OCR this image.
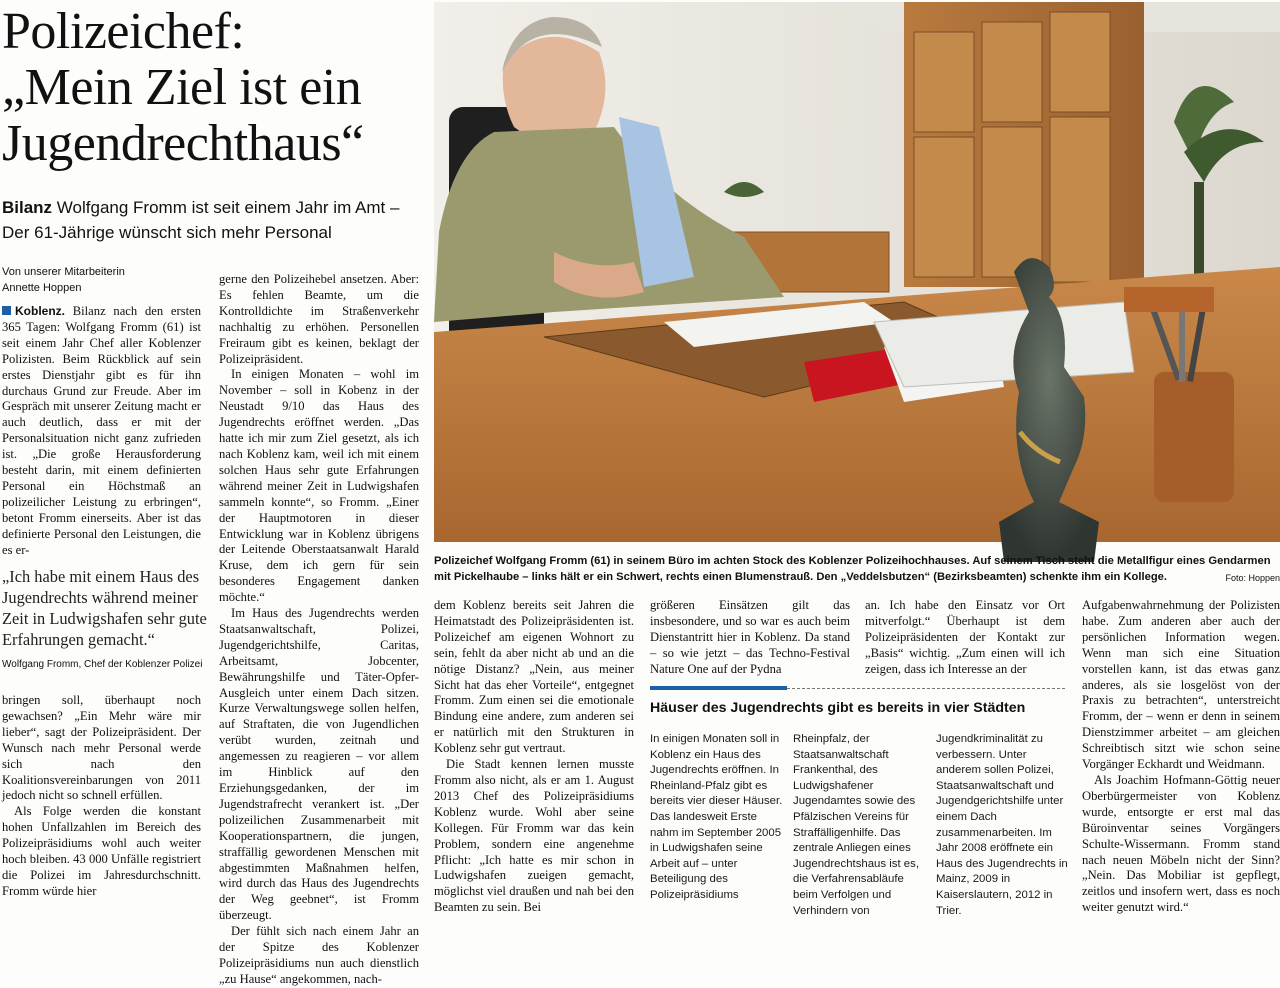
Polizeichef:
„Mein Ziel ist ein
Jugendrechthaus“
Bilanz Wolfgang Fromm ist seit einem Jahr im Amt – Der 61-Jährige wünscht sich mehr Personal
Von unserer Mitarbeiterin
Annette Hoppen

Koblenz. Bilanz nach den ersten 365 Tagen: Wolfgang Fromm (61) ist seit einem Jahr Chef aller Koblenzer Polizisten. Beim Rückblick auf sein erstes Dienstjahr gibt es für ihn durchaus Grund zur Freude. Aber im Gespräch mit unserer Zeitung macht er auch deutlich, dass er mit der Personalsituation nicht ganz zufrieden ist. „Die große Herausforderung besteht darin, mit einem definierten Personal ein Höchstmaß an polizeilicher Leistung zu erbringen“, betont Fromm einerseits. Aber ist das definierte Personal den Leistungen, die es er-

„Ich habe mit einem Haus des Jugendrechts während meiner Zeit in Ludwigshafen sehr gute Erfahrungen gemacht.“
Wolfgang Fromm, Chef der Koblenzer Polizei

bringen soll, überhaupt noch gewachsen? „Ein Mehr wäre mir lieber“, sagt der Polizeipräsident. Der Wunsch nach mehr Personal werde sich nach den Koalitionsvereinbarungen von 2011 jedoch nicht so schnell erfüllen.

Als Folge werden die konstant hohen Unfallzahlen im Bereich des Polizeipräsidiums wohl auch weiter hoch bleiben. 43 000 Unfälle registriert die Polizei im Jahresdurchschnitt. Fromm würde hier

gerne den Polizeihebel ansetzen. Aber: Es fehlen Beamte, um die Kontrolldichte im Straßenverkehr nachhaltig zu erhöhen. Personellen Freiraum gibt es keinen, beklagt der Polizeipräsident.

In einigen Monaten – wohl im November – soll in Kobenz in der Neustadt 9/10 das Haus des Jugendrechts eröffnet werden. „Das hatte ich mir zum Ziel gesetzt, als ich nach Koblenz kam, weil ich mit einem solchen Haus sehr gute Erfahrungen während meiner Zeit in Ludwigshafen sammeln konnte“, so Fromm. „Einer der Hauptmotoren in dieser Entwicklung war in Koblenz übrigens der Leitende Oberstaatsanwalt Harald Kruse, dem ich gern für sein besonderes Engagement danken möchte.“

Im Haus des Jugendrechts werden Staatsanwaltschaft, Polizei, Jugendgerichtshilfe, Caritas, Arbeitsamt, Jobcenter, Bewährungshilfe und Täter-Opfer-Ausgleich unter einem Dach sitzen. Kurze Verwaltungswege sollen helfen, auf Straftaten, die von Jugendlichen verübt wurden, zeitnah und angemessen zu reagieren – vor allem im Hinblick auf den Erziehungsgedanken, der im Jugendstrafrecht verankert ist. „Der polizeilichen Zusammenarbeit mit Kooperationspartnern, die jungen, straffällig gewordenen Menschen mit abgestimmten Maßnahmen helfen, wird durch das Haus des Jugendrechts der Weg geebnet“, ist Fromm überzeugt.

Der fühlt sich nach einem Jahr an der Spitze des Koblenzer Polizeipräsidiums nun auch dienstlich „zu Hause“ angekommen, nach-

Polizeichef Wolfgang Fromm (61) in seinem Büro im achten Stock des Koblenzer Polizeihochhauses. Auf seinem Tisch steht die Metallfigur eines Gendarmen mit Pickelhaube – links hält er ein Schwert, rechts einen Blumenstrauß. Den „Veddelsbutzen“ (Bezirksbeamten) schenkte ihm ein Kollege.	Foto: Hoppen

dem Koblenz bereits seit Jahren die Heimatstadt des Polizeipräsidenten ist. Polizeichef am eigenen Wohnort zu sein, fehlt da aber nicht ab und an die nötige Distanz? „Nein, aus meiner Sicht hat das eher Vorteile“, entgegnet Fromm. Zum einen sei die emotionale Bindung eine andere, zum anderen sei er natürlich mit den Strukturen in Koblenz sehr gut vertraut.

Die Stadt kennen lernen musste Fromm also nicht, als er am 1. August 2013 Chef des Polizeipräsidiums Koblenz wurde. Wohl aber seine Kollegen. Für Fromm war das kein Problem, sondern eine angenehme Pflicht: „Ich hatte es mir schon in Ludwigshafen zueigen gemacht, möglichst viel draußen und nah bei den Beamten zu sein. Bei

größeren Einsätzen gilt das insbesondere, und so war es auch beim Dienstantritt hier in Koblenz. Da stand – so wie jetzt – das Techno-Festival Nature One auf der Pydna

an. Ich habe den Einsatz vor Ort mitverfolgt.“ Überhaupt ist dem Polizeipräsidenten der Kontakt zur „Basis“ wichtig. „Zum einen will ich zeigen, dass ich Interesse an der

Häuser des Jugendrechts gibt es bereits in vier Städten

In einigen Monaten soll in Koblenz ein Haus des Jugendrechts eröffnen. In Rheinland-Pfalz gibt es bereits vier dieser Häuser. Das landesweit Erste nahm im September 2005 in Ludwigshafen seine Arbeit auf – unter Beteiligung des Polizeipräsidiums

Rheinpfalz, der Staatsanwaltschaft Frankenthal, des Ludwigshafener Jugendamtes sowie des Pfälzischen Vereins für Straffälligenhilfe. Das zentrale Anliegen eines Jugendrechtshaus ist es, die Verfahrensabläufe beim Verfolgen und Verhindern von

Jugendkriminalität zu verbessern. Unter anderem sollen Polizei, Staatsanwaltschaft und Jugendgerichtshilfe unter einem Dach zusammenarbeiten. Im Jahr 2008 eröffnete ein Haus des Jugendrechts in Mainz, 2009 in Kaiserslautern, 2012 in Trier.

Aufgabenwahrnehmung der Polizisten habe. Zum anderen aber auch der persönlichen Information wegen. Wenn man sich eine Situation vorstellen kann, ist das etwas ganz anderes, als sie losgelöst von der Praxis zu betrachten“, unterstreicht Fromm, der – wenn er denn in seinem Dienstzimmer arbeitet – am gleichen Schreibtisch sitzt wie schon seine Vorgänger Eckhardt und Weidmann.

Als Joachim Hofmann-Göttig neuer Oberbürgermeister von Koblenz wurde, entsorgte er erst mal das Büroinventar seines Vorgängers Schulte-Wissermann. Fromm stand nach neuen Möbeln nicht der Sinn? „Nein. Das Mobiliar ist gepflegt, zeitlos und insofern wert, dass es noch weiter genutzt wird.“
